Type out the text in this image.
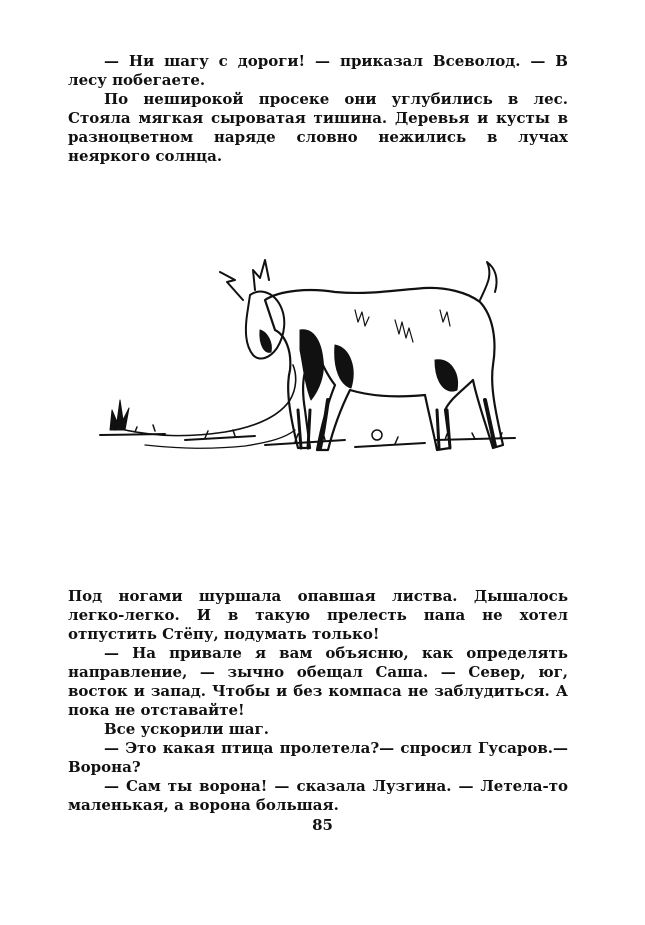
— Ни шагу с дороги! — приказал Всеволод. — В лесу побегаете.

По неширокой просеке они углубились в лес. Стояла мягкая сыроватая тишина. Деревья и кусты в разноцветном наряде словно нежились в лучах неяркого солнца.

Под ногами шуршала опавшая листва. Дышалось легко-легко. И в такую прелесть папа не хотел отпустить Стёпу, подумать только!

— На привале я вам объясню, как определять направление, — зычно обещал Саша. — Север, юг, восток и запад. Чтобы и без компаса не заблудиться. А пока не отставайте!

Все ускорили шаг.

— Это какая птица пролетела?— спросил Гусаров.— Ворона?

— Сам ты ворона! — сказала Лузгина. — Летела-то маленькая, а ворона большая.

85
